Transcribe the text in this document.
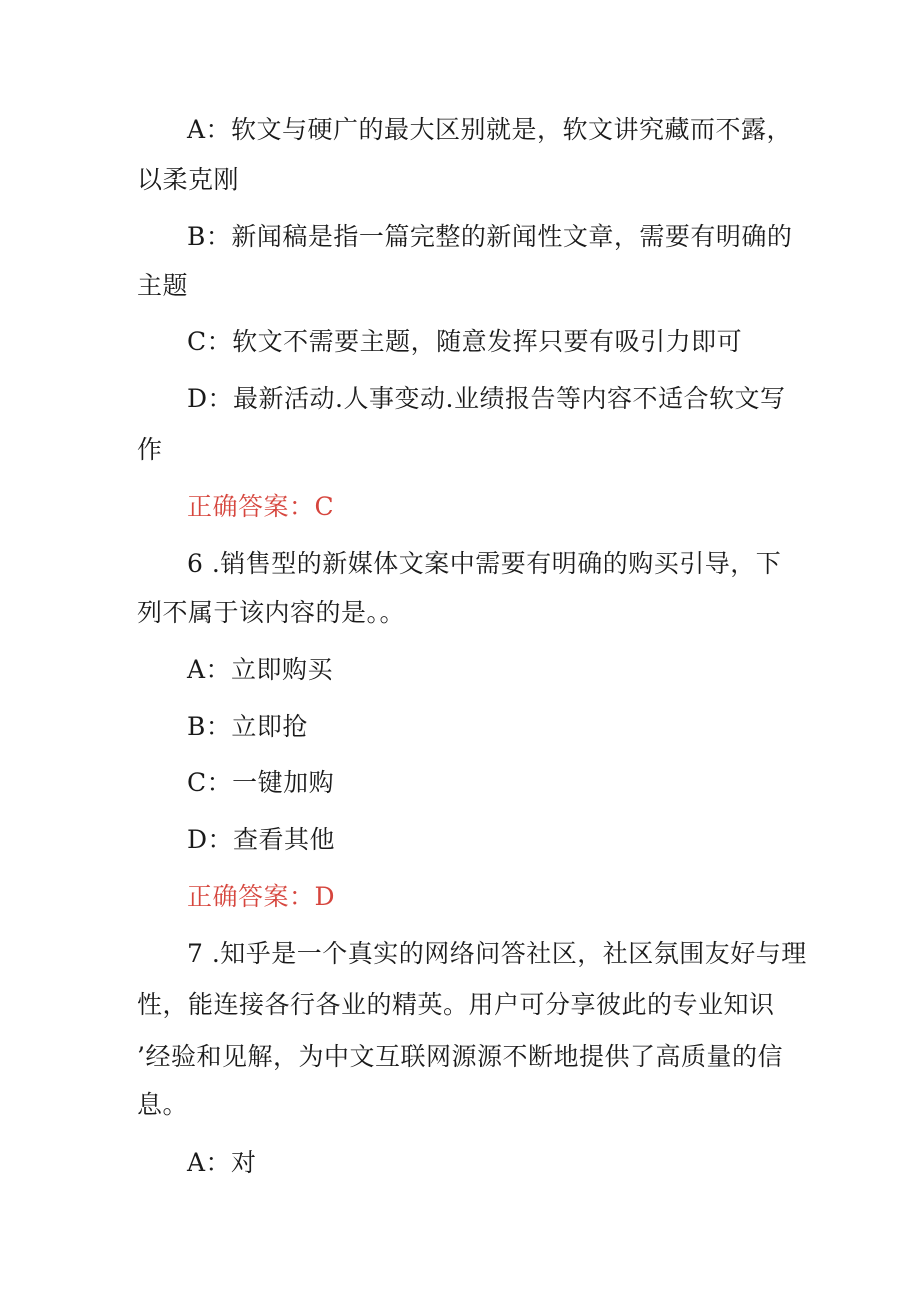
A：软文与硬广的最大区别就是，软文讲究藏而不露，
以柔克刚
B：新闻稿是指一篇完整的新闻性文章，需要有明确的
主题
C：软文不需要主题，随意发挥只要有吸引力即可
D：最新活动.人事变动.业绩报告等内容不适合软文写
作
正确答案：C
6 .销售型的新媒体文案中需要有明确的购买引导，下
列不属于该内容的是。。
A：立即购买
B：立即抢
C：一键加购
D：查看其他
正确答案：D
7 .知乎是一个真实的网络问答社区，社区氛围友好与理
性，能连接各行各业的精英。用户可分享彼此的专业知识
’经验和见解，为中文互联网源源不断地提供了高质量的信
息。
A：对
